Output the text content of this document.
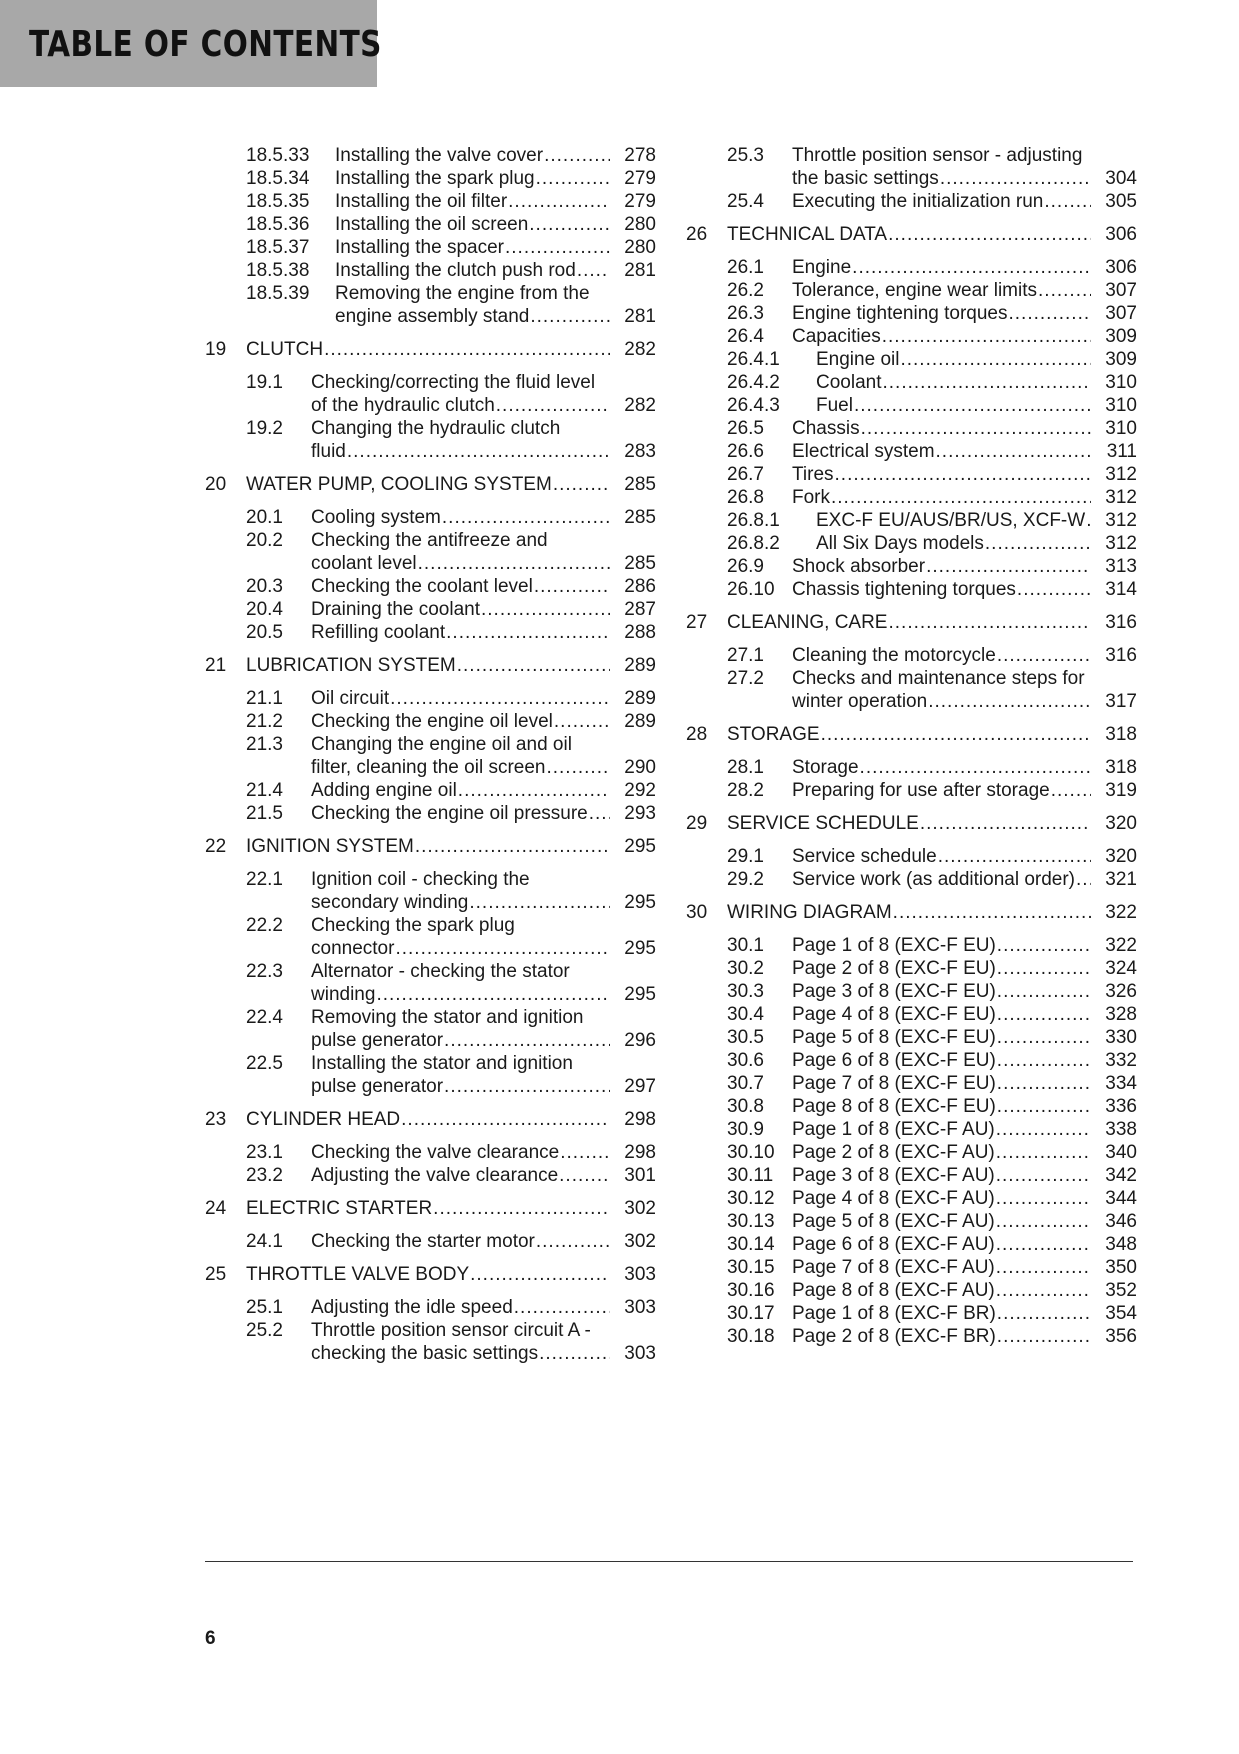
TABLE OF CONTENTS
18.5.33 Installing the valve cover .....	278
18.5.34 Installing the spark plug .....	279
18.5.35 Installing the oil filter .....	279
18.5.36 Installing the oil screen .....	280
18.5.37 Installing the spacer .....	280
18.5.38 Installing the clutch push rod .....	281
18.5.39 Removing the engine from the
engine assembly stand .....	281
19 CLUTCH .....	282
19.1 Checking/correcting the fluid level
of the hydraulic clutch .....	282
19.2 Changing the hydraulic clutch
fluid .....	283
20 WATER PUMP, COOLING SYSTEM .....	285
20.1 Cooling system .....	285
20.2 Checking the antifreeze and
coolant level .....	285
20.3 Checking the coolant level .....	286
20.4 Draining the coolant .....	287
20.5 Refilling coolant .....	288
21 LUBRICATION SYSTEM .....	289
21.1 Oil circuit .....	289
21.2 Checking the engine oil level .....	289
21.3 Changing the engine oil and oil
filter, cleaning the oil screen .....	290
21.4 Adding engine oil .....	292
21.5 Checking the engine oil pressure ..... 293
22 IGNITION SYSTEM .....	295
22.1 Ignition coil - checking the
secondary winding .....	295
22.2 Checking the spark plug
connector .....	295
22.3 Alternator - checking the stator
winding .....	295
22.4 Removing the stator and ignition
pulse generator .....	296
22.5 Installing the stator and ignition
pulse generator .....	297
23 CYLINDER HEAD .....	298
23.1 Checking the valve clearance .....	298
23.2 Adjusting the valve clearance .....	301
24 ELECTRIC STARTER .....	302
24.1 Checking the starter motor .....	302
25 THROTTLE VALVE BODY .....	303
25.1 Adjusting the idle speed .....	303
25.2 Throttle position sensor circuit A -
checking the basic settings .....	303
25.3 Throttle position sensor - adjusting
the basic settings .....	304
25.4 Executing the initialization run .....	305
26 TECHNICAL DATA .....	306
26.1 Engine .....	306
26.2 Tolerance, engine wear limits .....	307
26.3 Engine tightening torques .....	307
26.4 Capacities .....	309
26.4.1 Engine oil .....	309
26.4.2 Coolant .....	310
26.4.3 Fuel .....	310
26.5 Chassis .....	310
26.6 Electrical system .....	311
26.7 Tires .....	312
26.8 Fork .....	312
26.8.1 EXC-F EU/AUS/BR/US, XCF-W ..... 312
26.8.2 All Six Days models .....	312
26.9 Shock absorber .....	313
26.10 Chassis tightening torques .....	314
27 CLEANING, CARE .....	316
27.1 Cleaning the motorcycle .....	316
27.2 Checks and maintenance steps for
winter operation .....	317
28 STORAGE .....	318
28.1 Storage .....	318
28.2 Preparing for use after storage .....	319
29 SERVICE SCHEDULE .....	320
29.1 Service schedule .....	320
29.2 Service work (as additional order) ..... 321
30 WIRING DIAGRAM .....	322
30.1 Page 1 of 8 (EXC-F EU) .....	322
30.2 Page 2 of 8 (EXC-F EU) .....	324
30.3 Page 3 of 8 (EXC-F EU) .....	326
30.4 Page 4 of 8 (EXC-F EU) .....	328
30.5 Page 5 of 8 (EXC-F EU) .....	330
30.6 Page 6 of 8 (EXC-F EU) .....	332
30.7 Page 7 of 8 (EXC-F EU) .....	334
30.8 Page 8 of 8 (EXC-F EU) .....	336
30.9 Page 1 of 8 (EXC-F AU) .....	338
30.10 Page 2 of 8 (EXC-F AU) .....	340
30.11 Page 3 of 8 (EXC-F AU) .....	342
30.12 Page 4 of 8 (EXC-F AU) .....	344
30.13 Page 5 of 8 (EXC-F AU) .....	346
30.14 Page 6 of 8 (EXC-F AU) .....	348
30.15 Page 7 of 8 (EXC-F AU) .....	350
30.16 Page 8 of 8 (EXC-F AU) .....	352
30.17 Page 1 of 8 (EXC-F BR) .....	354
30.18 Page 2 of 8 (EXC-F BR) .....	356
6
